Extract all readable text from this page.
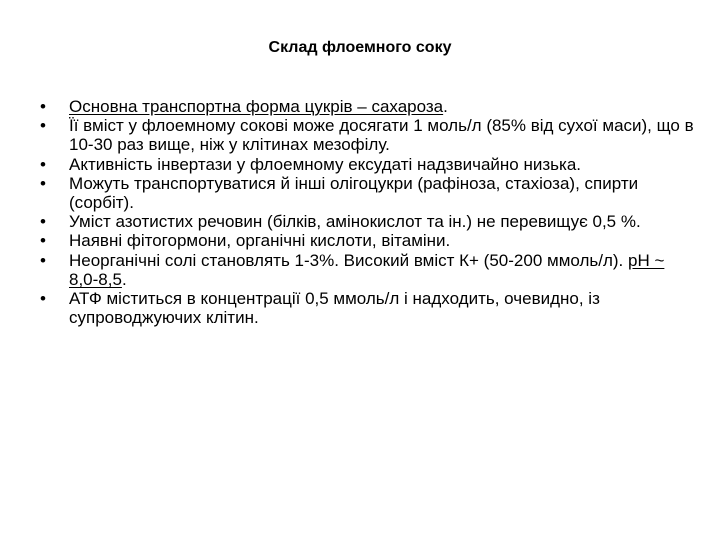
Склад флоемного соку
•	Основна транспортна форма цукрів – сахароза.
•	Її вміст у флоемному сокові може досягати 1 моль/л (85% від сухої маси), що в 10-30 раз вище, ніж у клітинах мезофілу.
•	Активність інвертази у флоемному ексудаті надзвичайно низька.
•	Можуть транспортуватися й інші олігоцукри (рафіноза, стахіоза), спирти (сорбіт).
•	Уміст азотистих речовин (білків, амінокислот та ін.) не перевищує 0,5 %.
•	Наявні фітогормони, органічні кислоти, вітаміни.
•	Неорганічні солі становлять 1-3%. Високий вміст К+ (50-200 ммоль/л). рН ~ 8,0-8,5.
•	АТФ міститься в концентрації 0,5 ммоль/л і надходить, очевидно, із супроводжуючих клітин.
